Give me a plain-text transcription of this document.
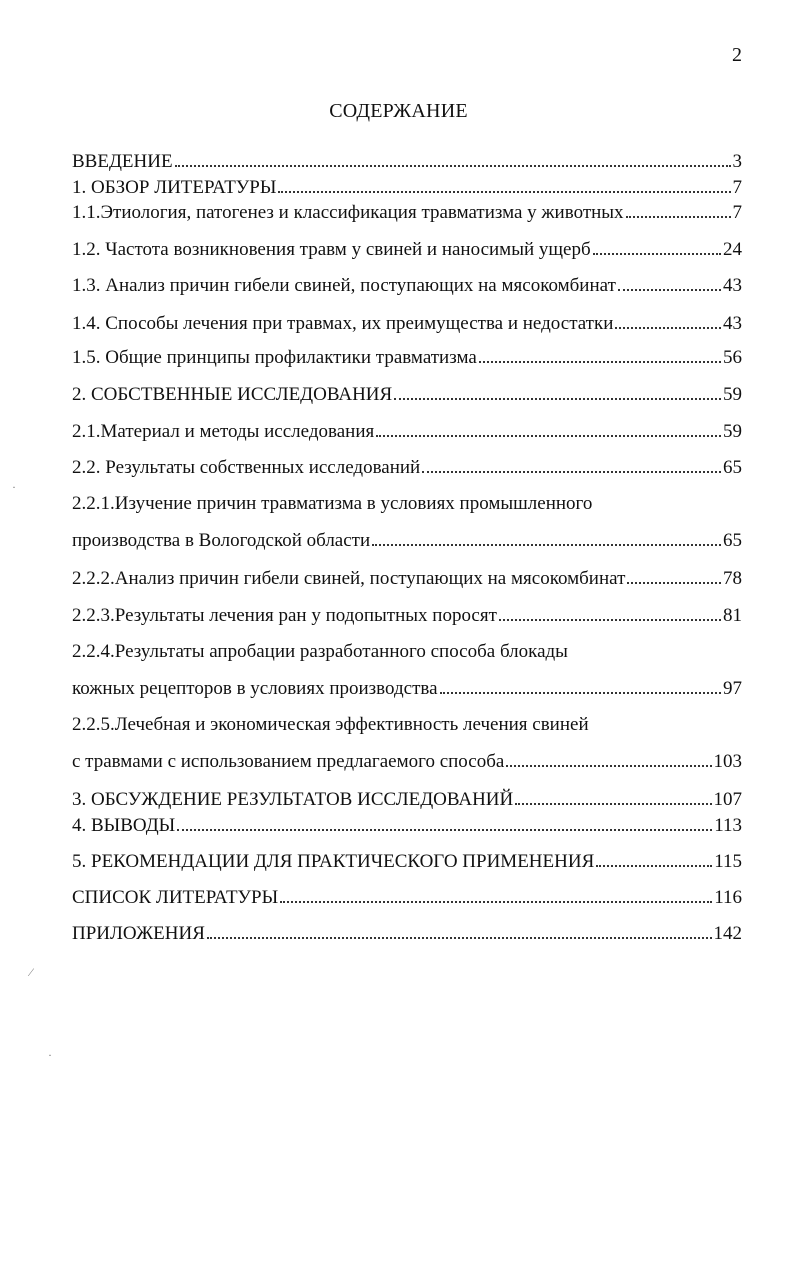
2
СОДЕРЖАНИЕ
ВВЕДЕНИЕ	3
1. ОБЗОР ЛИТЕРАТУРЫ	7
1.1.Этиология, патогенез и классификация травматизма у животных	7
1.2. Частота возникновения травм у свиней и наносимый ущерб	24
1.3. Анализ причин гибели свиней, поступающих на мясокомбинат	43
1.4. Способы лечения при травмах, их преимущества и недостатки	43
1.5. Общие принципы профилактики травматизма	56
2. СОБСТВЕННЫЕ ИССЛЕДОВАНИЯ	59
2.1.Материал и методы исследования	59
2.2. Результаты собственных исследований	65
2.2.1.Изучение причин травматизма в условиях промышленного
производства в Вологодской области	65
2.2.2.Анализ причин гибели свиней, поступающих на мясокомбинат	78
2.2.3.Результаты лечения ран у подопытных поросят	81
2.2.4.Результаты апробации разработанного способа блокады
кожных рецепторов в условиях производства	97
2.2.5.Лечебная и экономическая эффективность лечения свиней
с травмами с использованием предлагаемого способа	103
3. ОБСУЖДЕНИЕ РЕЗУЛЬТАТОВ ИССЛЕДОВАНИЙ	107
4. ВЫВОДЫ	113
5. РЕКОМЕНДАЦИИ ДЛЯ ПРАКТИЧЕСКОГО ПРИМЕНЕНИЯ	115
СПИСОК ЛИТЕРАТУРЫ	116
ПРИЛОЖЕНИЯ	142
·
⁄
·
